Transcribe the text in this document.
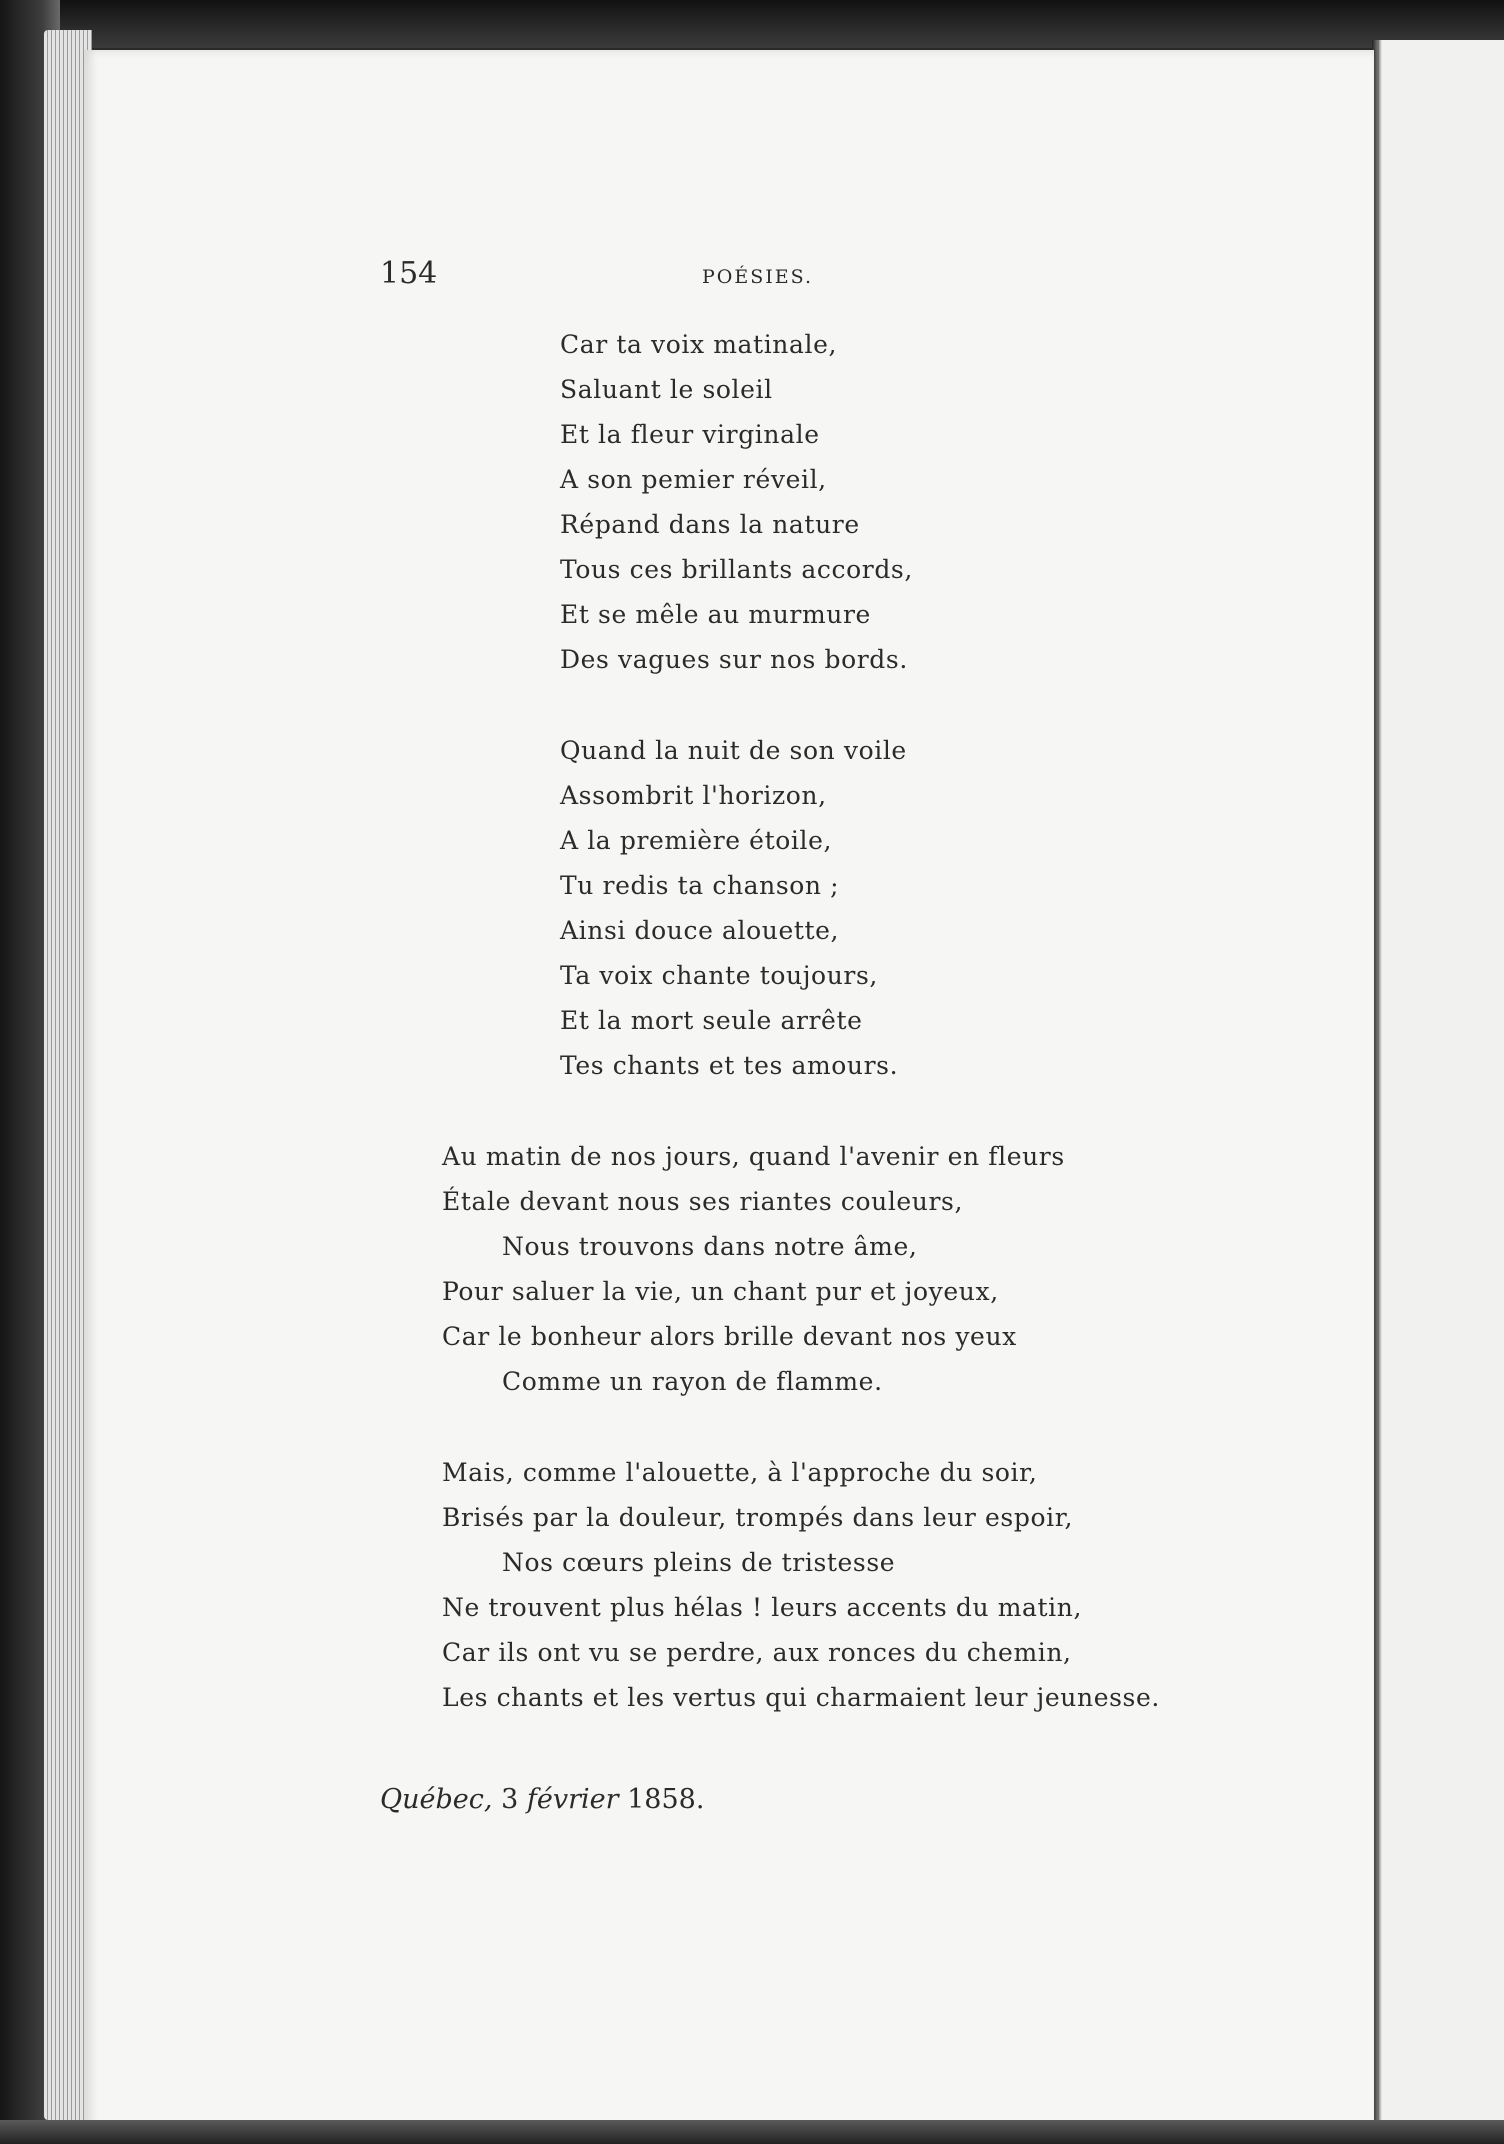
154	POÉSIES.
Car ta voix matinale,
Saluant le soleil
Et la fleur virginale
A son pemier réveil,
Répand dans la nature
Tous ces brillants accords,
Et se mêle au murmure
Des vagues sur nos bords.
Quand la nuit de son voile
Assombrit l'horizon,
A la première étoile,
Tu redis ta chanson ;
Ainsi douce alouette,
Ta voix chante toujours,
Et la mort seule arrête
Tes chants et tes amours.
Au matin de nos jours, quand l'avenir en fleurs
Étale devant nous ses riantes couleurs,
Nous trouvons dans notre âme,
Pour saluer la vie, un chant pur et joyeux,
Car le bonheur alors brille devant nos yeux
Comme un rayon de flamme.
Mais, comme l'alouette, à l'approche du soir,
Brisés par la douleur, trompés dans leur espoir,
Nos cœurs pleins de tristesse
Ne trouvent plus hélas ! leurs accents du matin,
Car ils ont vu se perdre, aux ronces du chemin,
Les chants et les vertus qui charmaient leur jeunesse.
Québec, 3 février 1858.
